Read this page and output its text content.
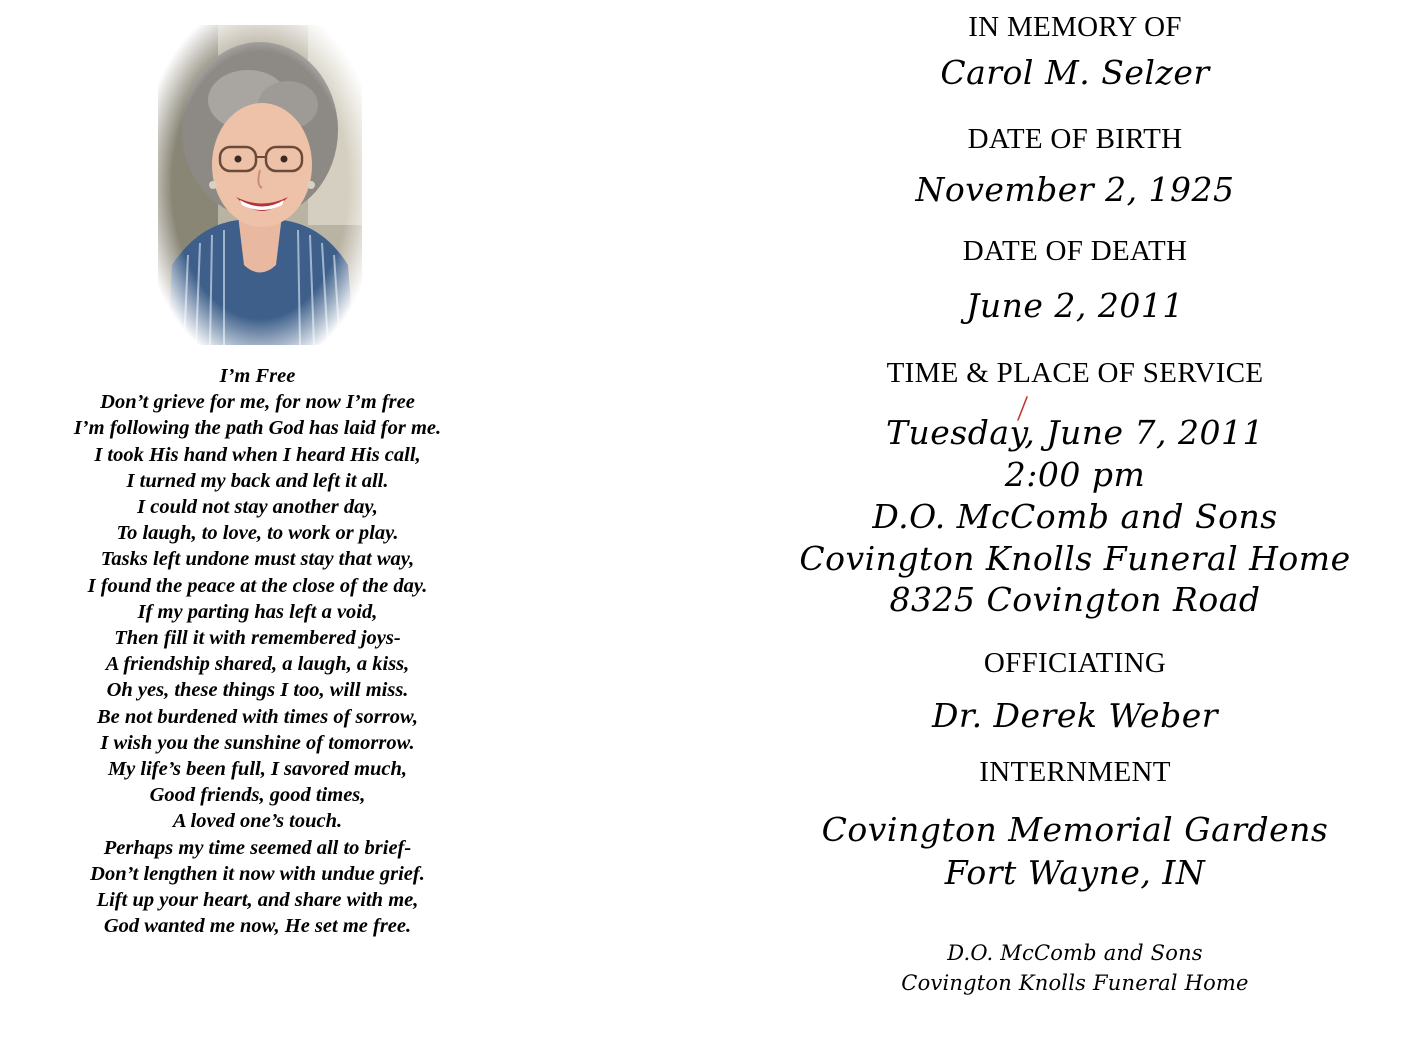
I’m Free
Don’t grieve for me, for now I’m free
I’m following the path God has laid for me.
I took His hand when I heard His call,
I turned my back and left it all.
I could not stay another day,
To laugh, to love, to work or play.
Tasks left undone must stay that way,
I found the peace at the close of the day.
If my parting has left a void,
Then fill it with remembered joys-
A friendship shared, a laugh, a kiss,
Oh yes, these things I too, will miss.
Be not burdened with times of sorrow,
I wish you the sunshine of tomorrow.
My life’s been full, I savored much,
Good friends, good times,
A loved one’s touch.
Perhaps my time seemed all to brief-
Don’t lengthen it now with undue grief.
Lift up your heart, and share with me,
God wanted me now, He set me free.
IN MEMORY OF
Carol M. Selzer
DATE OF BIRTH
November 2, 1925
DATE OF DEATH
June 2, 2011
TIME & PLACE OF SERVICE
Tuesday, June 7, 2011
2:00 pm
D.O. McComb and Sons
Covington Knolls Funeral Home
8325 Covington Road
OFFICIATING
Dr. Derek Weber
INTERNMENT
Covington Memorial Gardens
Fort Wayne, IN
D.O. McComb and Sons
Covington Knolls Funeral Home
